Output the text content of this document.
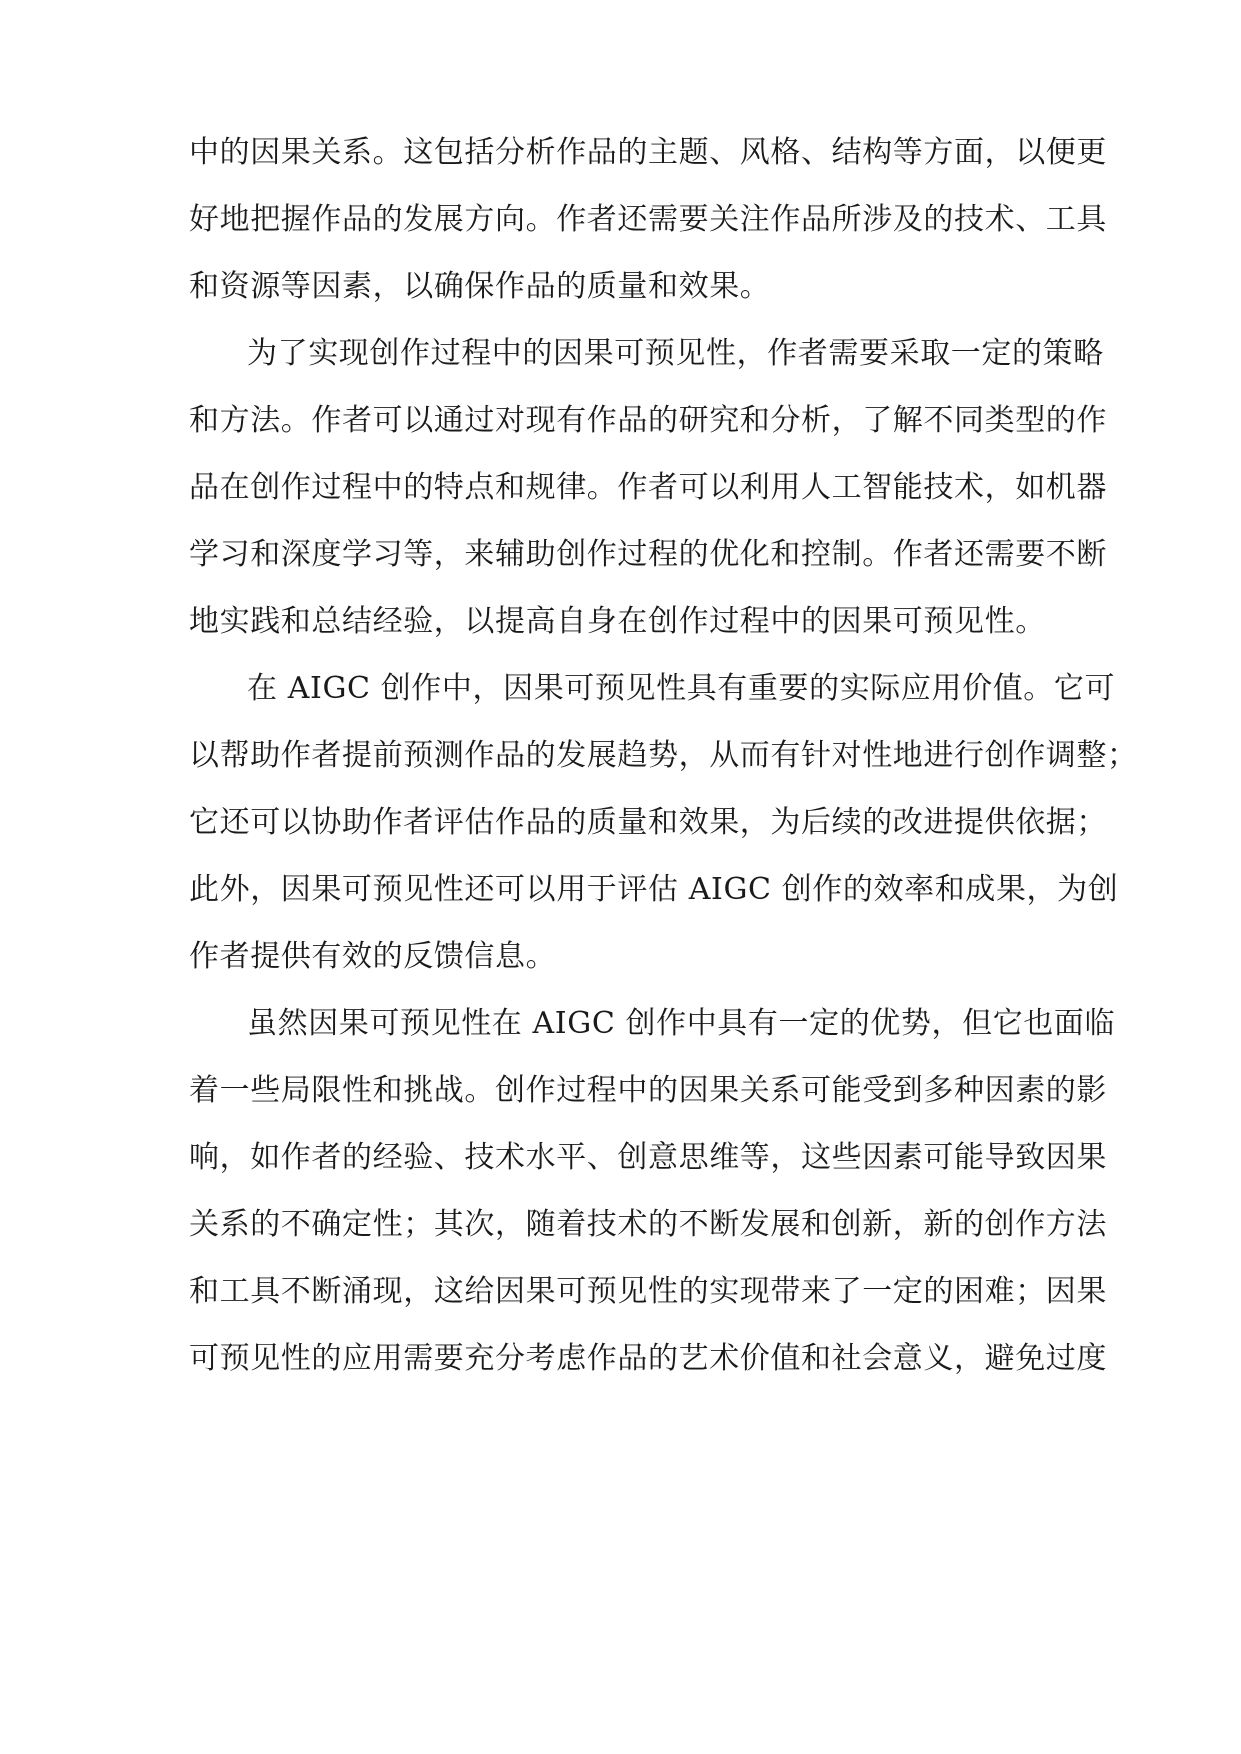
中的因果关系。这包括分析作品的主题、风格、结构等方面，以便更

好地把握作品的发展方向。作者还需要关注作品所涉及的技术、工具

和资源等因素，以确保作品的质量和效果。

为了实现创作过程中的因果可预见性，作者需要采取一定的策略

和方法。作者可以通过对现有作品的研究和分析，了解不同类型的作

品在创作过程中的特点和规律。作者可以利用人工智能技术，如机器

学习和深度学习等，来辅助创作过程的优化和控制。作者还需要不断

地实践和总结经验，以提高自身在创作过程中的因果可预见性。

在 AIGC 创作中，因果可预见性具有重要的实际应用价值。它可

以帮助作者提前预测作品的发展趋势，从而有针对性地进行创作调整；

它还可以协助作者评估作品的质量和效果，为后续的改进提供依据；

此外，因果可预见性还可以用于评估 AIGC 创作的效率和成果，为创

作者提供有效的反馈信息。

虽然因果可预见性在 AIGC 创作中具有一定的优势，但它也面临

着一些局限性和挑战。创作过程中的因果关系可能受到多种因素的影

响，如作者的经验、技术水平、创意思维等，这些因素可能导致因果

关系的不确定性；其次，随着技术的不断发展和创新，新的创作方法

和工具不断涌现，这给因果可预见性的实现带来了一定的困难；因果

可预见性的应用需要充分考虑作品的艺术价值和社会意义，避免过度
